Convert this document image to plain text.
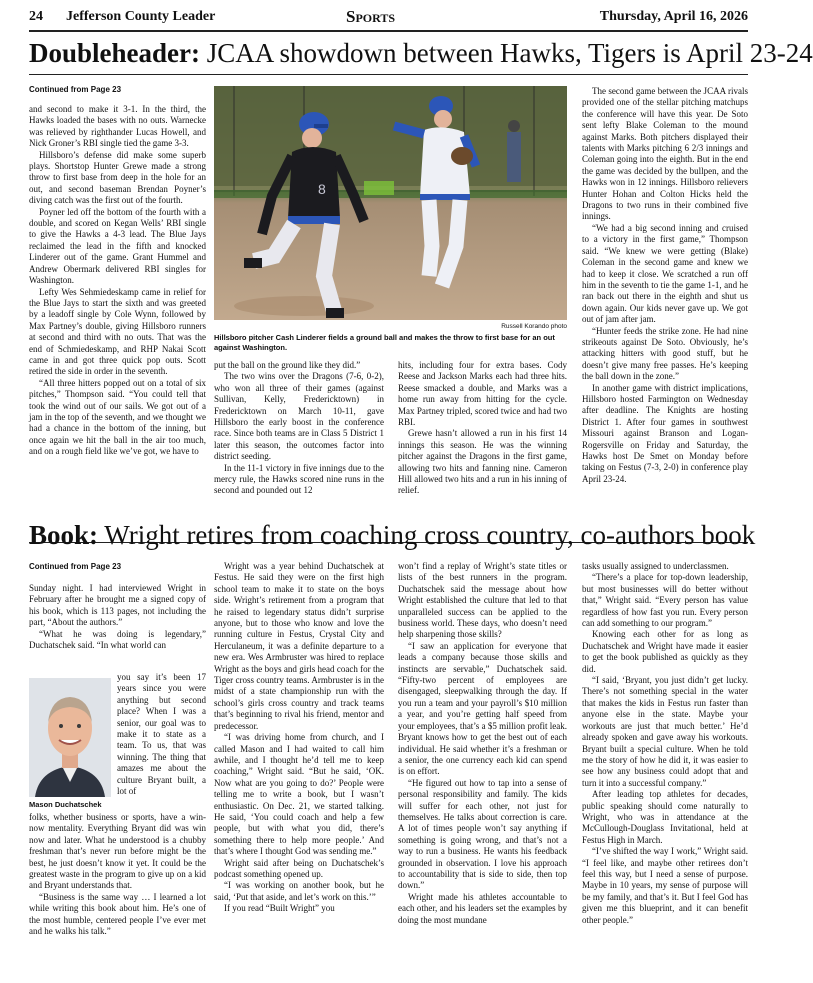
24 Jefferson County Leader	Sports	Thursday, April 16, 2026
Doubleheader: JCAA showdown between Hawks, Tigers is April 23-24
Continued from Page 23

and second to make it 3-1. In the third, the Hawks loaded the bases with no outs. Warnecke was relieved by righthander Lucas Howell, and Nick Groner’s RBI single tied the game 3-3.

Hillsboro’s defense did make some superb plays. Shortstop Hunter Grewe made a strong throw to first base from deep in the hole for an out, and second baseman Brendan Poyner’s diving catch was the first out of the fourth.

Poyner led off the bottom of the fourth with a double, and scored on Kegan Wells’ RBI single to give the Hawks a 4-3 lead. The Blue Jays reclaimed the lead in the fifth and knocked Linderer out of the game. Grant Hummel and Andrew Obermark delivered RBI singles for Washington.

Lefty Wes Sehmiedeskamp came in relief for the Blue Jays to start the sixth and was greeted by a leadoff single by Cole Wynn, followed by Max Partney’s double, giving Hillsboro runners at second and third with no outs. That was the end of Schmiedeskamp, and RHP Nakai Scott came in and got three quick pop outs. Scott retired the side in order in the seventh.

“All three hitters popped out on a total of six pitches,” Thompson said. “You could tell that took the wind out of our sails. We got out of a jam in the top of the seventh, and we thought we had a chance in the bottom of the inning, but once again we hit the ball in the air too much, and on a rough field like we’ve got, we have to

8
Russell Korando photo
Hillsboro pitcher Cash Linderer fields a ground ball and makes the throw to first base for an out against Washington.

put the ball on the ground like they did.”

The two wins over the Dragons (7-6, 0-2), who won all three of their games (against Sullivan, Kelly, Fredericktown) in Fredericktown on March 10-11, gave Hillsboro the early boost in the conference race. Since both teams are in Class 5 District 1 later this season, the outcomes factor into district seeding.

In the 11-1 victory in five innings due to the mercy rule, the Hawks scored nine runs in the second and pounded out 12

hits, including four for extra bases. Cody Reese and Jackson Marks each had three hits. Reese smacked a double, and Marks was a home run away from hitting for the cycle. Max Partney tripled, scored twice and had two RBI.

Grewe hasn’t allowed a run in his first 14 innings this season. He was the winning pitcher against the Dragons in the first game, allowing two hits and fanning nine. Cameron Hill allowed two hits and a run in his inning of relief.

The second game between the JCAA rivals provided one of the stellar pitching matchups the conference will have this year. De Soto sent lefty Blake Coleman to the mound against Marks. Both pitchers displayed their talents with Marks pitching 6 2/3 innings and Coleman going into the eighth. But in the end the game was decided by the bullpen, and the Hawks won in 12 innings. Hillsboro relievers Hunter Hohan and Colton Hicks held the Dragons to two runs in their combined five innings.

“We had a big second inning and cruised to a victory in the first game,” Thompson said. “We knew we were getting (Blake) Coleman in the second game and knew we had to keep it close. We scratched a run off him in the seventh to tie the game 1-1, and he ran back out there in the eighth and shut us down again. Our kids never gave up. We got out of jam after jam.

“Hunter feeds the strike zone. He had nine strikeouts against De Soto. Obviously, he’s attacking hitters with good stuff, but he doesn’t give many free passes. He’s keeping the ball down in the zone.”

In another game with district implications, Hillsboro hosted Farmington on Wednesday after deadline. The Knights are hosting District 1. After four games in southwest Missouri against Branson and Logan-Rogersville on Friday and Saturday, the Hawks host De Smet on Monday before taking on Festus (7-3, 2-0) in conference play April 23-24.

Book: Wright retires from coaching cross country, co-authors book
Continued from Page 23

Sunday night. I had interviewed Wright in February after he brought me a signed copy of his book, which is 113 pages, not including the part, “About the authors.”

“What he was doing is legendary,” Duchatschek said. “In what world can

Mason Duchatschek

you say it’s been 17 years since you were anything but second place? When I was a senior, our goal was to make it to state as a team. To us, that was winning. The thing that amazes me about the culture Bryant built, a lot of

folks, whether business or sports, have a win-now mentality. Everything Bryant did was win now and later. What he understood is a chubby freshman that’s never run before might be the best, he just doesn’t know it yet. It could be the greatest waste in the program to give up on a kid and Bryant understands that.

“Business is the same way … I learned a lot while writing this book about him. He’s one of the most humble, centered people I’ve ever met and he walks his talk.”

Wright was a year behind Duchatschek at Festus. He said they were on the first high school team to make it to state on the boys side. Wright’s retirement from a program that he raised to legendary status didn’t surprise anyone, but to those who know and love the running culture in Festus, Crystal City and Herculaneum, it was a definite departure to a new era. Wes Armbruster was hired to replace Wright as the boys and girls head coach for the Tiger cross country teams. Armbruster is in the midst of a state championship run with the school’s girls cross country and track teams that’s beginning to rival his friend, mentor and predecessor.

“I was driving home from church, and I called Mason and I had waited to call him awhile, and I thought he’d tell me to keep coaching,” Wright said. “But he said, ‘OK. Now what are you going to do?’ People were telling me to write a book, but I wasn’t enthusiastic. On Dec. 21, we started talking. He said, ‘You could coach and help a few people, but with what you did, there’s something there to help more people.’ And that’s where I thought God was sending me.”

Wright said after being on Duchatschek’s podcast something opened up.

“I was working on another book, but he said, ‘Put that aside, and let’s work on this.’”

If you read “Built Wright” you

won’t find a replay of Wright’s state titles or lists of the best runners in the program. Duchatschek said the message about how Wright established the culture that led to that unparalleled success can be applied to the business world. These days, who doesn’t need help sharpening those skills?

“I saw an application for everyone that leads a company because those skills and instincts are servable,” Duchatschek said. “Fifty-two percent of employees are disengaged, sleepwalking through the day. If you run a team and your payroll’s $10 million a year, and you’re getting half speed from your employees, that’s a $5 million profit leak. Bryant knows how to get the best out of each individual. He said whether it’s a freshman or a senior, the one currency each kid can spend is on effort.

“He figured out how to tap into a sense of personal responsibility and family. The kids will suffer for each other, not just for themselves. He talks about correction is care. A lot of times people won’t say anything if something is going wrong, and that’s not a way to run a business. He wants his feedback grounded in observation. I love his approach to accountability that is side to side, then top down.”

Wright made his athletes accountable to each other, and his leaders set the examples by doing the most mundane

tasks usually assigned to underclassmen.

“There’s a place for top-down leadership, but most businesses will do better without that,” Wright said. “Every person has value regardless of how fast you run. Every person can add something to our program.”

Knowing each other for as long as Duchatschek and Wright have made it easier to get the book published as quickly as they did.

“I said, ‘Bryant, you just didn’t get lucky. There’s not something special in the water that makes the kids in Festus run faster than anyone else in the state. Maybe your workouts are just that much better.’ He’d already spoken and gave away his workouts. Bryant built a special culture. When he told me the story of how he did it, it was easier to see how any business could adopt that and turn it into a successful company.”

After leading top athletes for decades, public speaking should come naturally to Wright, who was in attendance at the McCullough-Douglass Invitational, held at Festus High in March.

“I’ve shifted the way I work,” Wright said. “I feel like, and maybe other retirees don’t feel this way, but I need a sense of purpose. Maybe in 10 years, my sense of purpose will be my family, and that’s it. But I feel God has given me this blueprint, and it can benefit other people.”
